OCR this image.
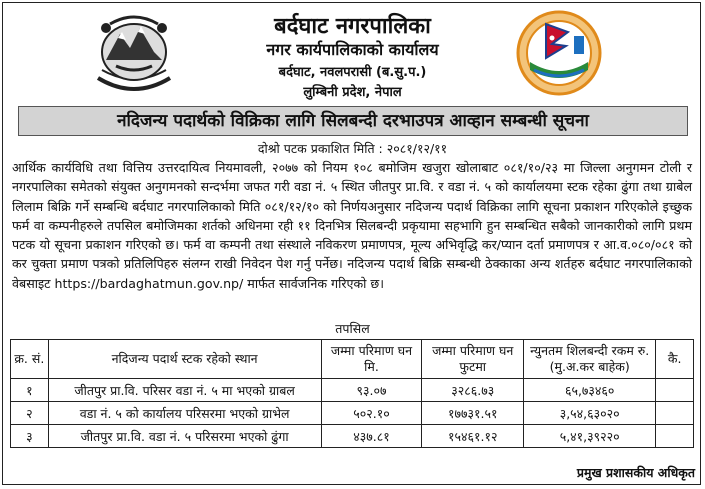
बर्दघाट नगरपालिका
नगर कार्यपालिकाको कार्यालय
बर्दघाट, नवलपरासी (ब.सु.प.)
लुम्बिनी प्रदेश, नेपाल
नदिजन्य पदार्थको विक्रिका लागि सिलबन्दी दरभाउपत्र आव्हान सम्बन्धी सूचना
दोश्रो पटक प्रकाशित मिति : २०८१/१२/११

आर्थिक कार्यविधि तथा वित्तिय उत्तरदायित्व नियमावली, २०७७ को नियम १०८ बमोजिम खजुरा खोलाबाट ०८१/१०/२३ मा जिल्ला अनुगमन टोली र नगरपालिका समेतको संयुक्त अनुगमनको सन्दर्भमा जफत गरी वडा नं. ५ स्थित जीतपुर प्रा.वि. र वडा नं. ५ को कार्यालयमा स्टक रहेका ढुंगा तथा ग्राबेल लिलाम बिक्रि गर्ने सम्बन्धि बर्दघाट नगरपालिकाको मिति ०८१/१२/१० को निर्णयअनुसार नदिजन्य पदार्थ विक्रिका लागि सूचना प्रकाशन गरिएकोले इच्छुक फर्म वा कम्पनीहरुले तपसिल बमोजिमका शर्तको अधिनमा रही ११ दिनभित्र सिलबन्दी प्रकृयामा सहभागि हुन सम्बन्धित सबैको जानकारीको लागि प्रथम पटक यो सूचना प्रकाशन गरिएको छ। फर्म वा कम्पनी तथा संस्थाले नविकरण प्रमाणपत्र, मूल्य अभिवृद्धि कर/प्यान दर्ता प्रमाणपत्र र आ.व.०८०/०८१ को कर चुक्ता प्रमाण पत्रको प्रतिलिपिहरु संलग्न राखी निवेदन पेश गर्नु पर्नेछ। नदिजन्य पदार्थ बिक्रि सम्बन्धी ठेक्काका अन्य शर्तहरु बर्दघाट नगरपालिकाको वेबसाइट https://bardaghatmun.gov.np/ मार्फत सार्वजनिक गरिएको छ।

तपसिल
क्र. सं.	नदिजन्य पदार्थ स्टक रहेको स्थान	जम्मा परिमाण घन मि.	जम्मा परिमाण घन फुटमा	न्युनतम शिलबन्दी रकम रु. (मु.अ.कर बाहेक)	कै.
१	जीतपुर प्रा.वि. परिसर वडा नं. ५ मा भएको ग्राबल	९३.०७	३२८६.७३	६५,७३४६०	
२	वडा नं. ५ को कार्यालय परिसरमा भएको ग्राभेल	५०२.१०	१७७३१.५१	३,५४,६३०२०	
३	जीतपुर प्रा.वि. वडा नं. ५ परिसरमा भएको ढुंगा	४३७.८१	१५४६१.१२	५,४१,३९२२०	
प्रमुख प्रशासकीय अधिकृत
